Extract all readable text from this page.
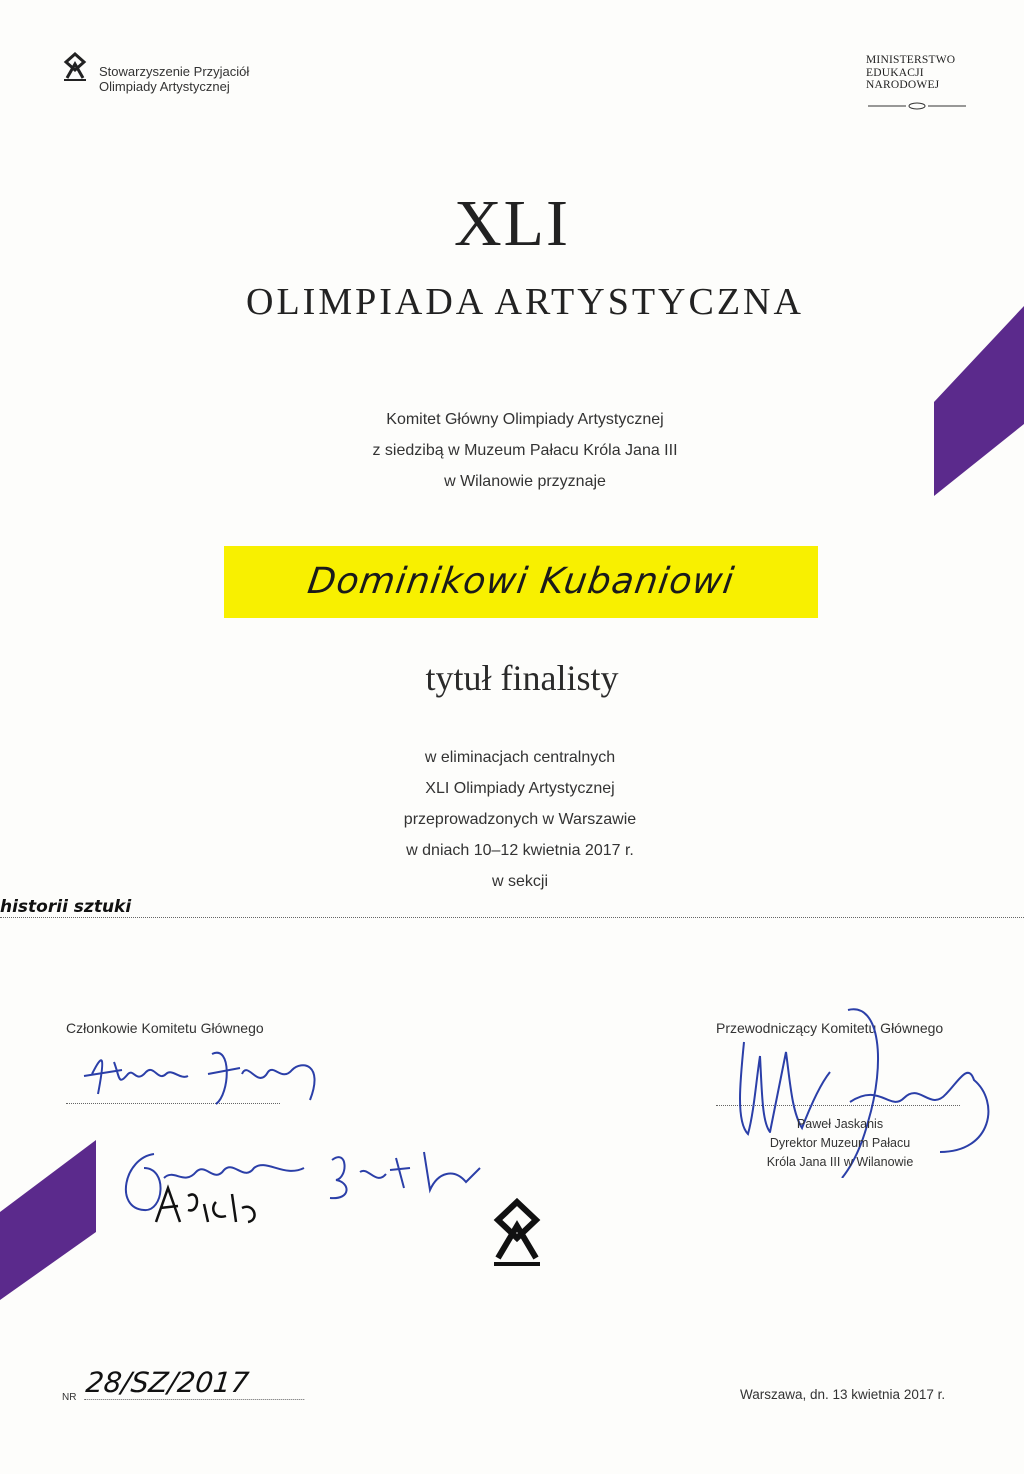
Stowarzyszenie Przyjaciół
Olimpiady Artystycznej
MINISTERSTWO
EDUKACJI
NARODOWEJ
XLI
OLIMPIADA ARTYSTYCZNA
Komitet Główny Olimpiady Artystycznej
z siedzibą w Muzeum Pałacu Króla Jana III
w Wilanowie przyznaje
Dominikowi Kubaniowi
tytuł finalisty
w eliminacjach centralnych
XLI Olimpiady Artystycznej
przeprowadzonych w Warszawie
w dniach 10–12 kwietnia 2017 r.
w sekcji
historii sztuki
Członkowie Komitetu Głównego	Przewodniczący Komitetu Głównego
Paweł Jaskanis
Dyrektor Muzeum Pałacu
Króla Jana III w Wilanowie
NR 28/SZ/2017	Warszawa, dn. 13 kwietnia 2017 r.
